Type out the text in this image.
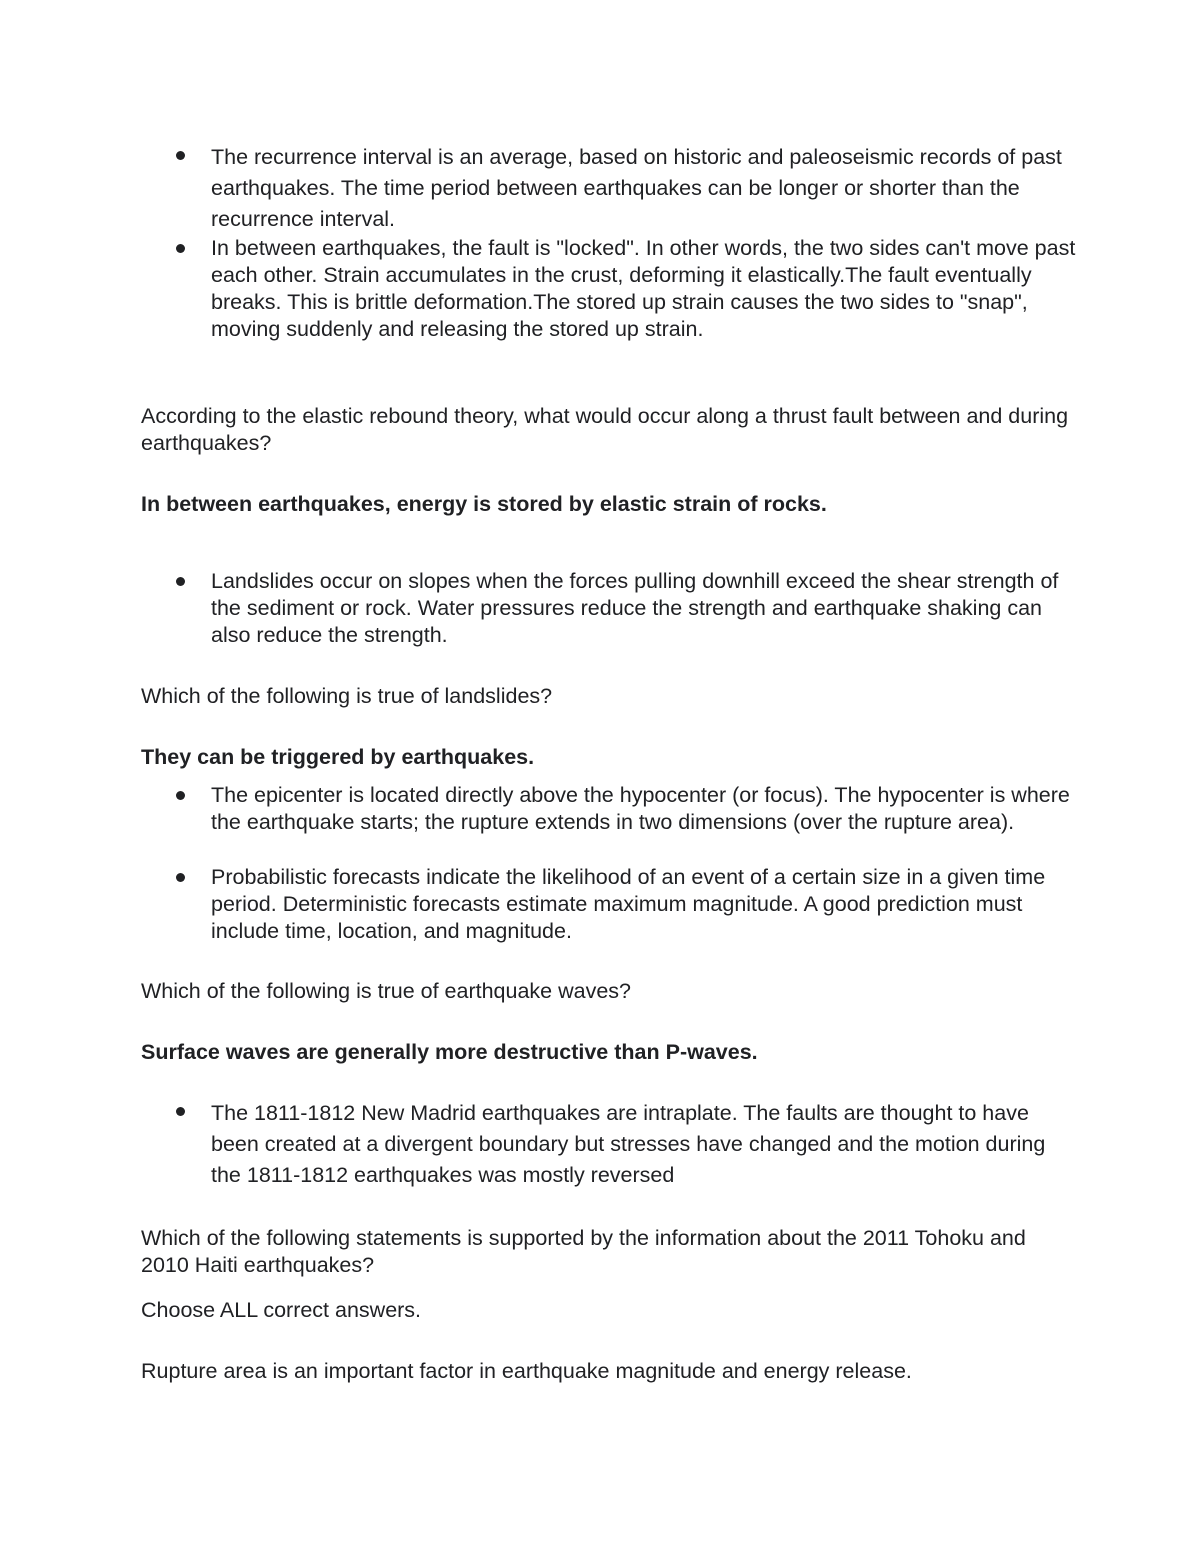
The recurrence interval is an average, based on historic and paleoseismic records of past earthquakes. The time period between earthquakes can be longer or shorter than the recurrence interval.
In between earthquakes, the fault is "locked". In other words, the two sides can't move past each other. Strain accumulates in the crust, deforming it elastically.The fault eventually breaks. This is brittle deformation.The stored up strain causes the two sides to "snap", moving suddenly and releasing the stored up strain.
According to the elastic rebound theory, what would occur along a thrust fault between and during earthquakes?
In between earthquakes, energy is stored by elastic strain of rocks.
Landslides occur on slopes when the forces pulling downhill exceed the shear strength of the sediment or rock. Water pressures reduce the strength and earthquake shaking can also reduce the strength.
Which of the following is true of landslides?
They can be triggered by earthquakes.
The epicenter is located directly above the hypocenter (or focus). The hypocenter is where the earthquake starts; the rupture extends in two dimensions (over the rupture area).
Probabilistic forecasts indicate the likelihood of an event of a certain size in a given time period. Deterministic forecasts estimate maximum magnitude. A good prediction must include time, location, and magnitude.
Which of the following is true of earthquake waves?
Surface waves are generally more destructive than P-waves.
The 1811-1812 New Madrid earthquakes are intraplate. The faults are thought to have been created at a divergent boundary but stresses have changed and the motion during the 1811-1812 earthquakes was mostly reversed
Which of the following statements is supported by the information about the 2011 Tohoku and 2010 Haiti earthquakes?
Choose ALL correct answers.
Rupture area is an important factor in earthquake magnitude and energy release.
